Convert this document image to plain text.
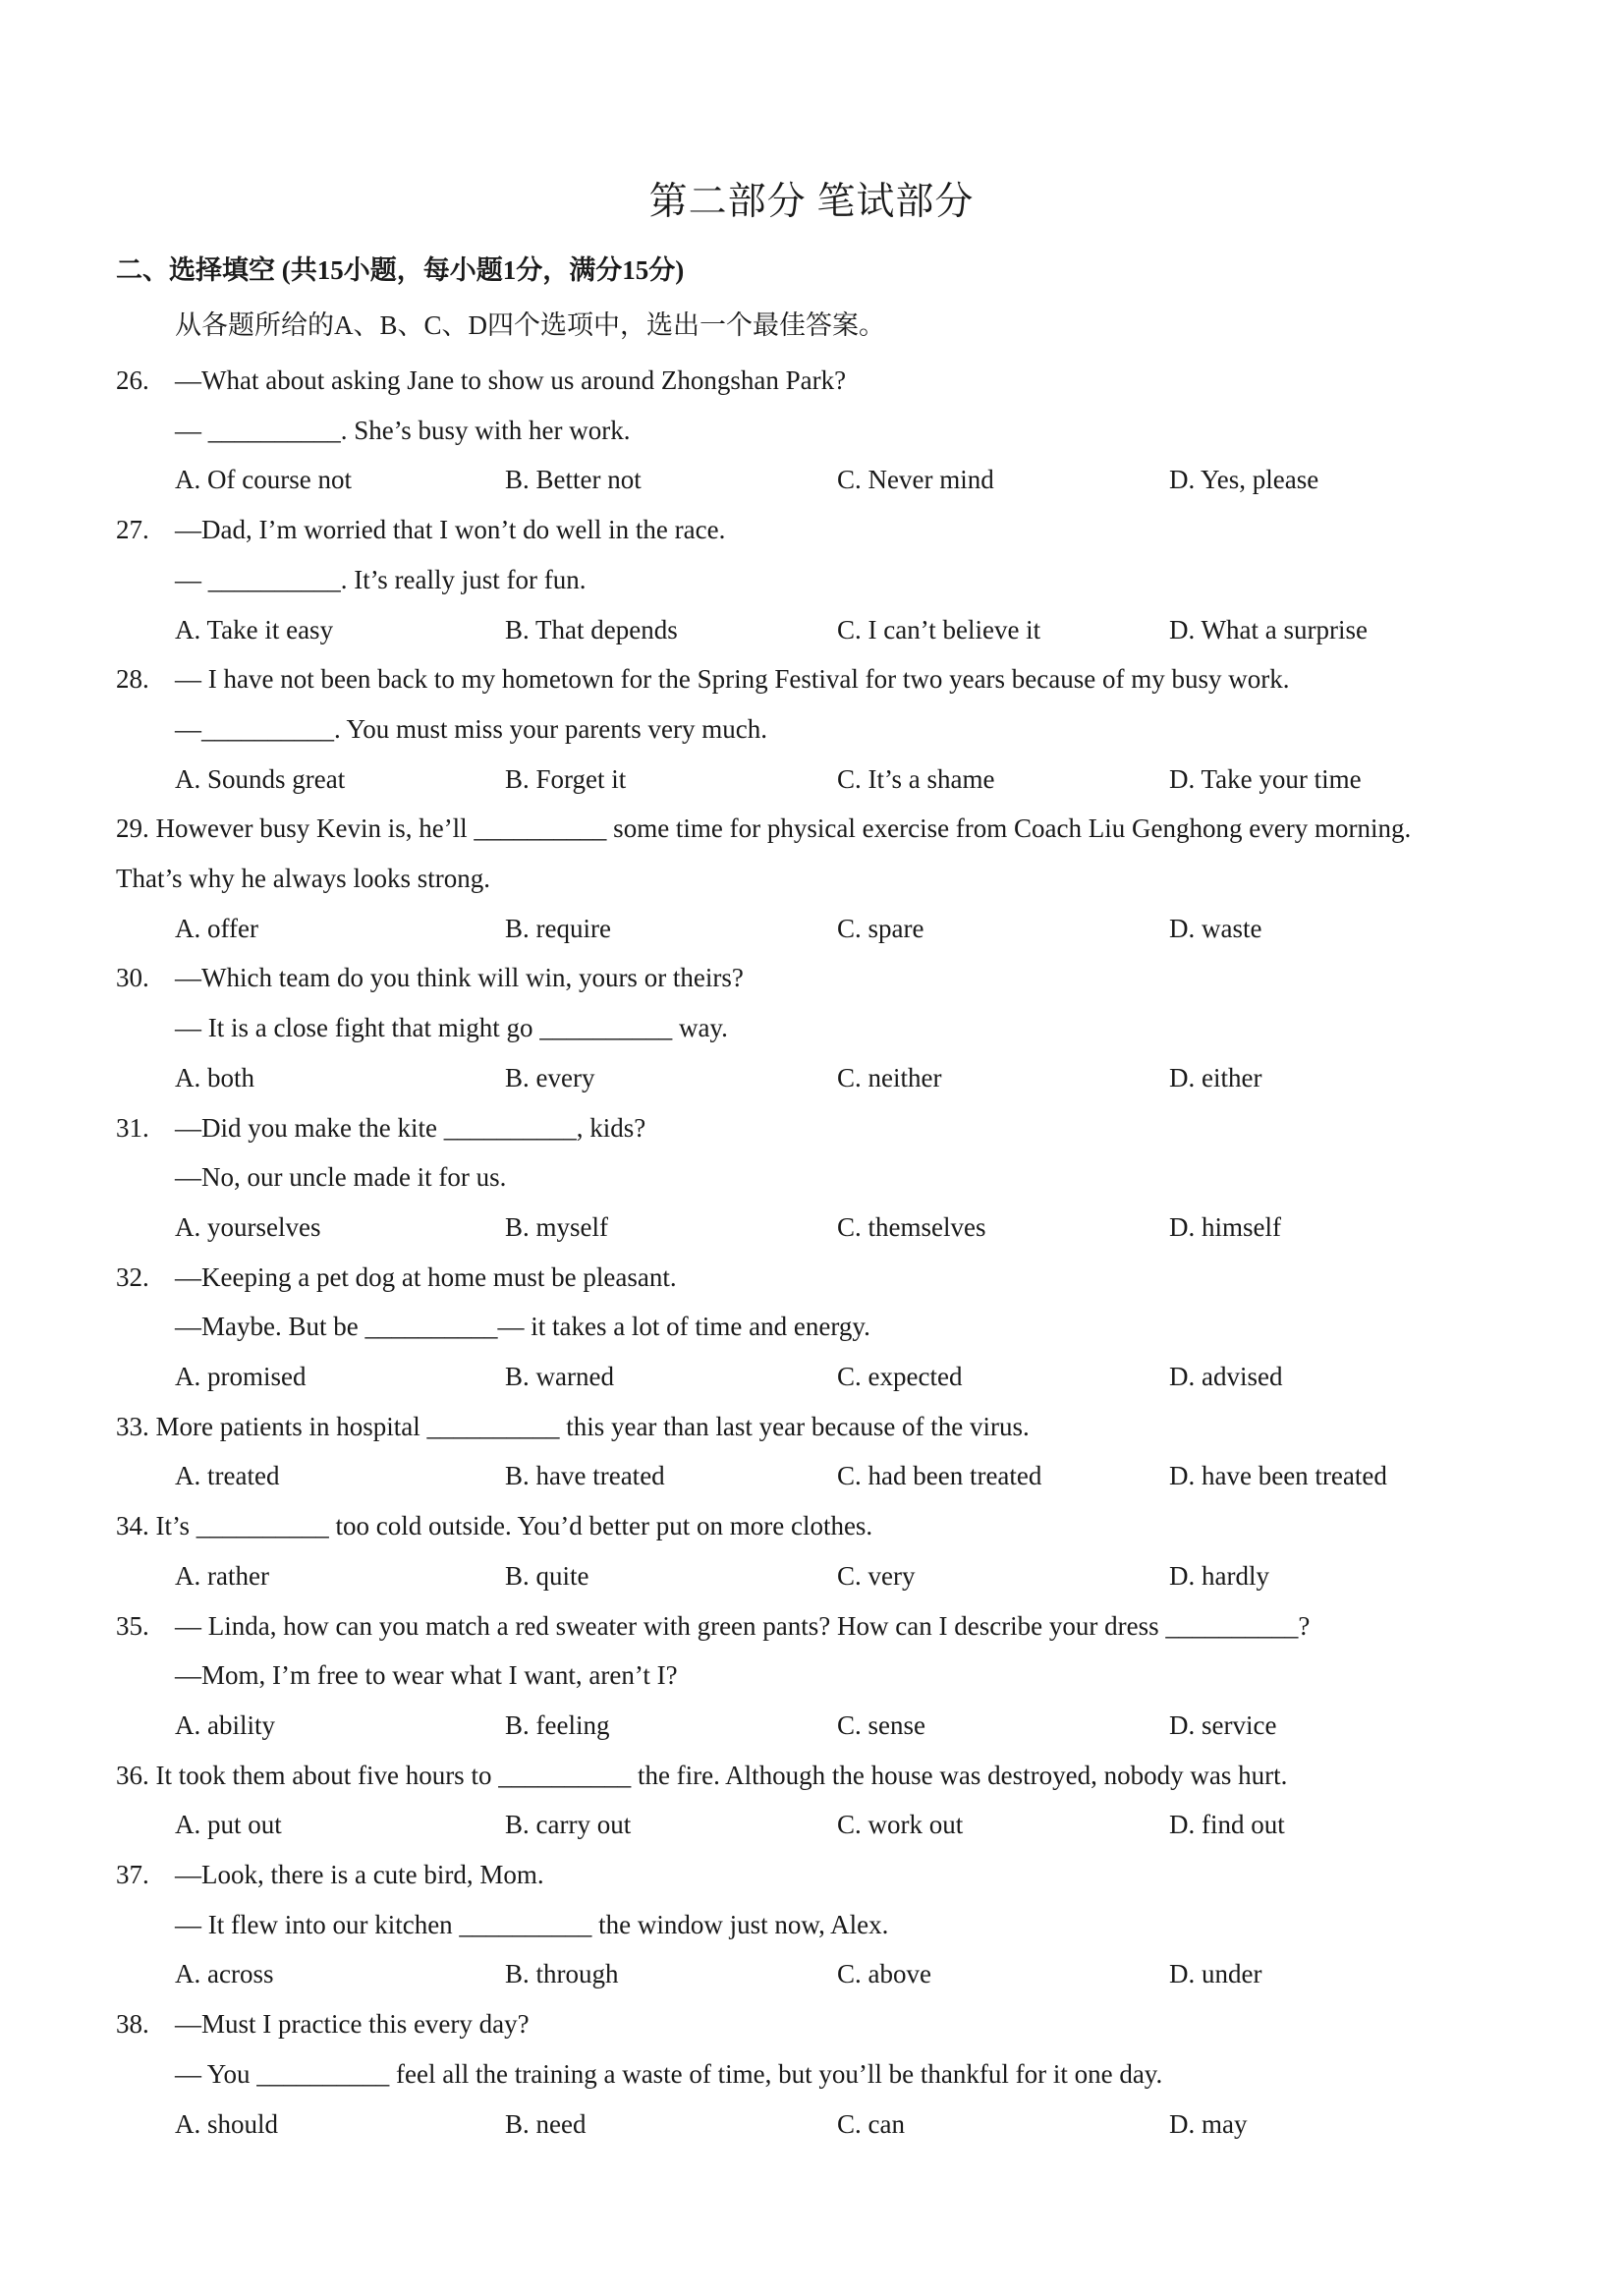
第二部分 笔试部分
二、选择填空 (共15小题，每小题1分，满分15分)
从各题所给的A、B、C、D四个选项中，选出一个最佳答案。
26. —What about asking Jane to show us around Zhongshan Park?
— __________. She’s busy with her work.
A. Of course not	B. Better not	C. Never mind	D. Yes, please
27. —Dad, I’m worried that I won’t do well in the race.
— __________. It’s really just for fun.
A. Take it easy	B. That depends	C. I can’t believe it	D. What a surprise
28. — I have not been back to my hometown for the Spring Festival for two years because of my busy work.
—__________. You must miss your parents very much.
A. Sounds great	B. Forget it	C. It’s a shame	D. Take your time
29. However busy Kevin is, he’ll __________ some time for physical exercise from Coach Liu Genghong every morning.
That’s why he always looks strong.
A. offer	B. require	C. spare	D. waste
30. —Which team do you think will win, yours or theirs?
— It is a close fight that might go __________ way.
A. both	B. every	C. neither	D. either
31. —Did you make the kite __________, kids?
—No, our uncle made it for us.
A. yourselves	B. myself	C. themselves	D. himself
32. —Keeping a pet dog at home must be pleasant.
—Maybe. But be __________— it takes a lot of time and energy.
A. promised	B. warned	C. expected	D. advised
33. More patients in hospital __________ this year than last year because of the virus.
A. treated	B. have treated	C. had been treated	D. have been treated
34. It’s __________ too cold outside. You’d better put on more clothes.
A. rather	B. quite	C. very	D. hardly
35. — Linda, how can you match a red sweater with green pants? How can I describe your dress __________?
—Mom, I’m free to wear what I want, aren’t I?
A. ability	B. feeling	C. sense	D. service
36. It took them about five hours to __________ the fire. Although the house was destroyed, nobody was hurt.
A. put out	B. carry out	C. work out	D. find out
37. —Look, there is a cute bird, Mom.
— It flew into our kitchen __________ the window just now, Alex.
A. across	B. through	C. above	D. under
38. —Must I practice this every day?
— You __________ feel all the training a waste of time, but you’ll be thankful for it one day.
A. should	B. need	C. can	D. may
